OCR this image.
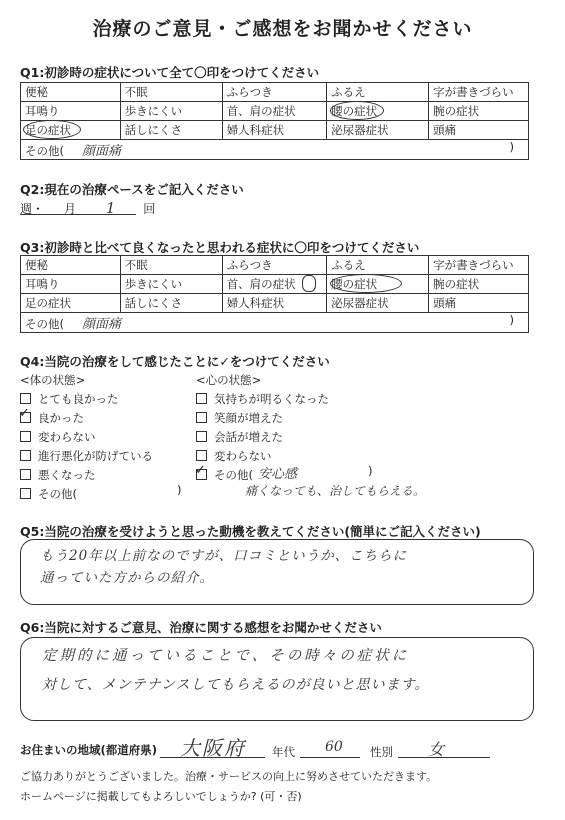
治療のご意見・ご感想をお聞かせください
Q1:初診時の症状について全て〇印をつけてください
便秘	不眠	ふらつき	ふるえ	字が書きづらい
耳鳴り	歩きにくい	首、肩の症状	腰の症状	腕の症状
足の症状	話しにくさ	婦人科症状	泌尿器症状	頭痛
その他( 顔面痛 )				
Q2:現在の治療ペースをご記入ください
週・ 月 1 回
Q3:初診時と比べて良くなったと思われる症状に〇印をつけてください
便秘	不眠	ふらつき	ふるえ	字が書きづらい
耳鳴り	歩きにくい	首、肩の症状	腰の症状	腕の症状
足の症状	話しにくさ	婦人科症状	泌尿器症状	頭痛
その他( 顔面痛 )				
Q4:当院の治療をして感じたことに✓をつけてください
<体の状態>
とても良かった
✓ 良かった
変わらない
進行悪化が防げている
悪くなった
その他(
<心の状態>
気持ちが明るくなった
笑顔が増えた
会話が増えた
変わらない
✓ その他( 安心感	)
痛くなっても、治してもらえる。
)
Q5:当院の治療を受けようと思った動機を教えてください(簡単にご記入ください)
もう20年以上前なのですが、口コミというか、こちらに
通っていた方からの紹介。
Q6:当院に対するご意見、治療に関する感想をお聞かせください
定期的に通っていることで、その時々の症状に
対して、メンテナンスしてもらえるのが良いと思います。
お住まいの地域(都道府県) 大阪府 年代 60 性別 女
ご協力ありがとうございました。治療・サービスの向上に努めさせていただきます。
ホームページに掲載してもよろしいでしょうか? (可・否)
